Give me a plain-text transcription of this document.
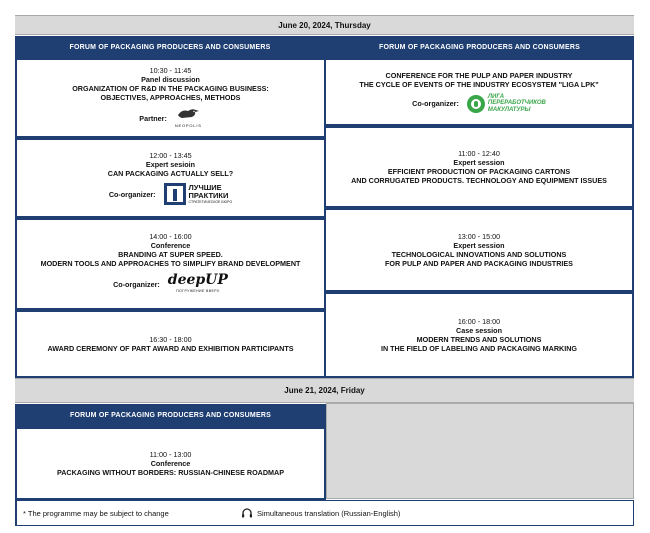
June 20, 2024, Thursday
FORUM OF PACKAGING PRODUCERS AND CONSUMERS	FORUM OF PACKAGING PRODUCERS AND CONSUMERS
10:30 - 11:45
Panel discussion
ORGANIZATION OF R&D IN THE PACKAGING BUSINESS:
OBJECTIVES, APPROACHES, METHODS
Partner:
NEOPOLIS
12:00 - 13:45
Expert sesioin
CAN PACKAGING ACTUALLY SELL?
Co-organizer:
ЛУЧШИЕ
ПРАКТИКИ
СТРАТЕГИЧЕСКОЕ БЮРО
14:00 - 16:00
Conference
BRANDING AT SUPER SPEED.
MODERN TOOLS AND APPROACHES TO SIMPLIFY BRAND DEVELOPMENT
Co-organizer: deepUP
ПОГРУЖЕНИЕ ВВЕРХ
16:30 - 18:00
AWARD CEREMONY OF PART AWARD AND EXHIBITION PARTICIPANTS
CONFERENCE FOR THE PULP AND PAPER INDUSTRY
THE CYCLE OF EVENTS OF THE INDUSTRY ECOSYSTEM "LIGA LPK"
Co-organizer:
ЛИГА
ПЕРЕРАБОТЧИКОВ
МАКУЛАТУРЫ
11:00 - 12:40
Expert session
EFFICIENT PRODUCTION OF PACKAGING CARTONS
AND CORRUGATED PRODUCTS. TECHNOLOGY AND EQUIPMENT ISSUES
13:00 - 15:00
Expert session
TECHNOLOGICAL INNOVATIONS AND SOLUTIONS
FOR PULP AND PAPER AND PACKAGING INDUSTRIES
16:00 - 18:00
Case session
MODERN TRENDS AND SOLUTIONS
IN THE FIELD OF LABELING AND PACKAGING MARKING
June 21, 2024, Friday
FORUM OF PACKAGING PRODUCERS AND CONSUMERS
11:00 - 13:00
Conference
PACKAGING WITHOUT BORDERS: RUSSIAN-CHINESE ROADMAP
* The programme may be subject to change	Simultaneous translation (Russian-English)
